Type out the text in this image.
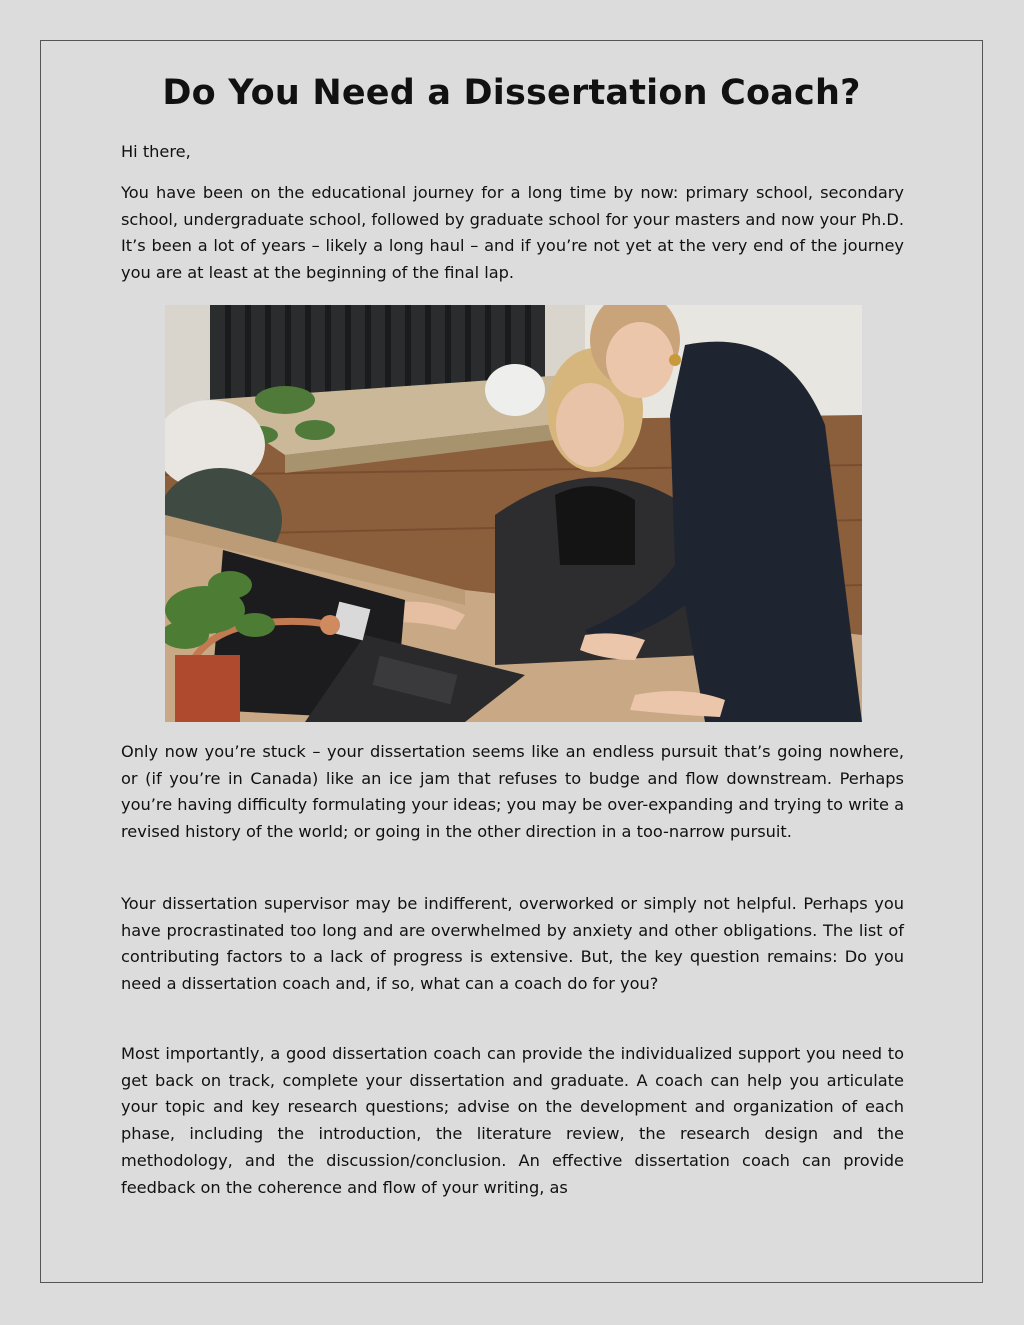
Do You Need a Dissertation Coach?

Hi there,

You have been on the educational journey for a long time by now: primary school, secondary school, undergraduate school, followed by graduate school for your masters and now your Ph.D. It’s been a lot of years – likely a long haul – and if you’re not yet at the very end of the journey you are at least at the beginning of the final lap.

Only now you’re stuck – your dissertation seems like an endless pursuit that’s going nowhere, or (if you’re in Canada) like an ice jam that refuses to budge and flow downstream. Perhaps you’re having difficulty formulating your ideas; you may be over-expanding and trying to write a revised history of the world; or going in the other direction in a too-narrow pursuit.

Your dissertation supervisor may be indifferent, overworked or simply not helpful. Perhaps you have procrastinated too long and are overwhelmed by anxiety and other obligations. The list of contributing factors to a lack of progress is extensive. But, the key question remains: Do you need a dissertation coach and, if so, what can a coach do for you?

Most importantly, a good dissertation coach can provide the individualized support you need to get back on track, complete your dissertation and graduate. A coach can help you articulate your topic and key research questions; advise on the development and organization of each phase, including the introduction, the literature review, the research design and the methodology, and the discussion/conclusion. An effective dissertation coach can provide feedback on the coherence and flow of your writing, as
